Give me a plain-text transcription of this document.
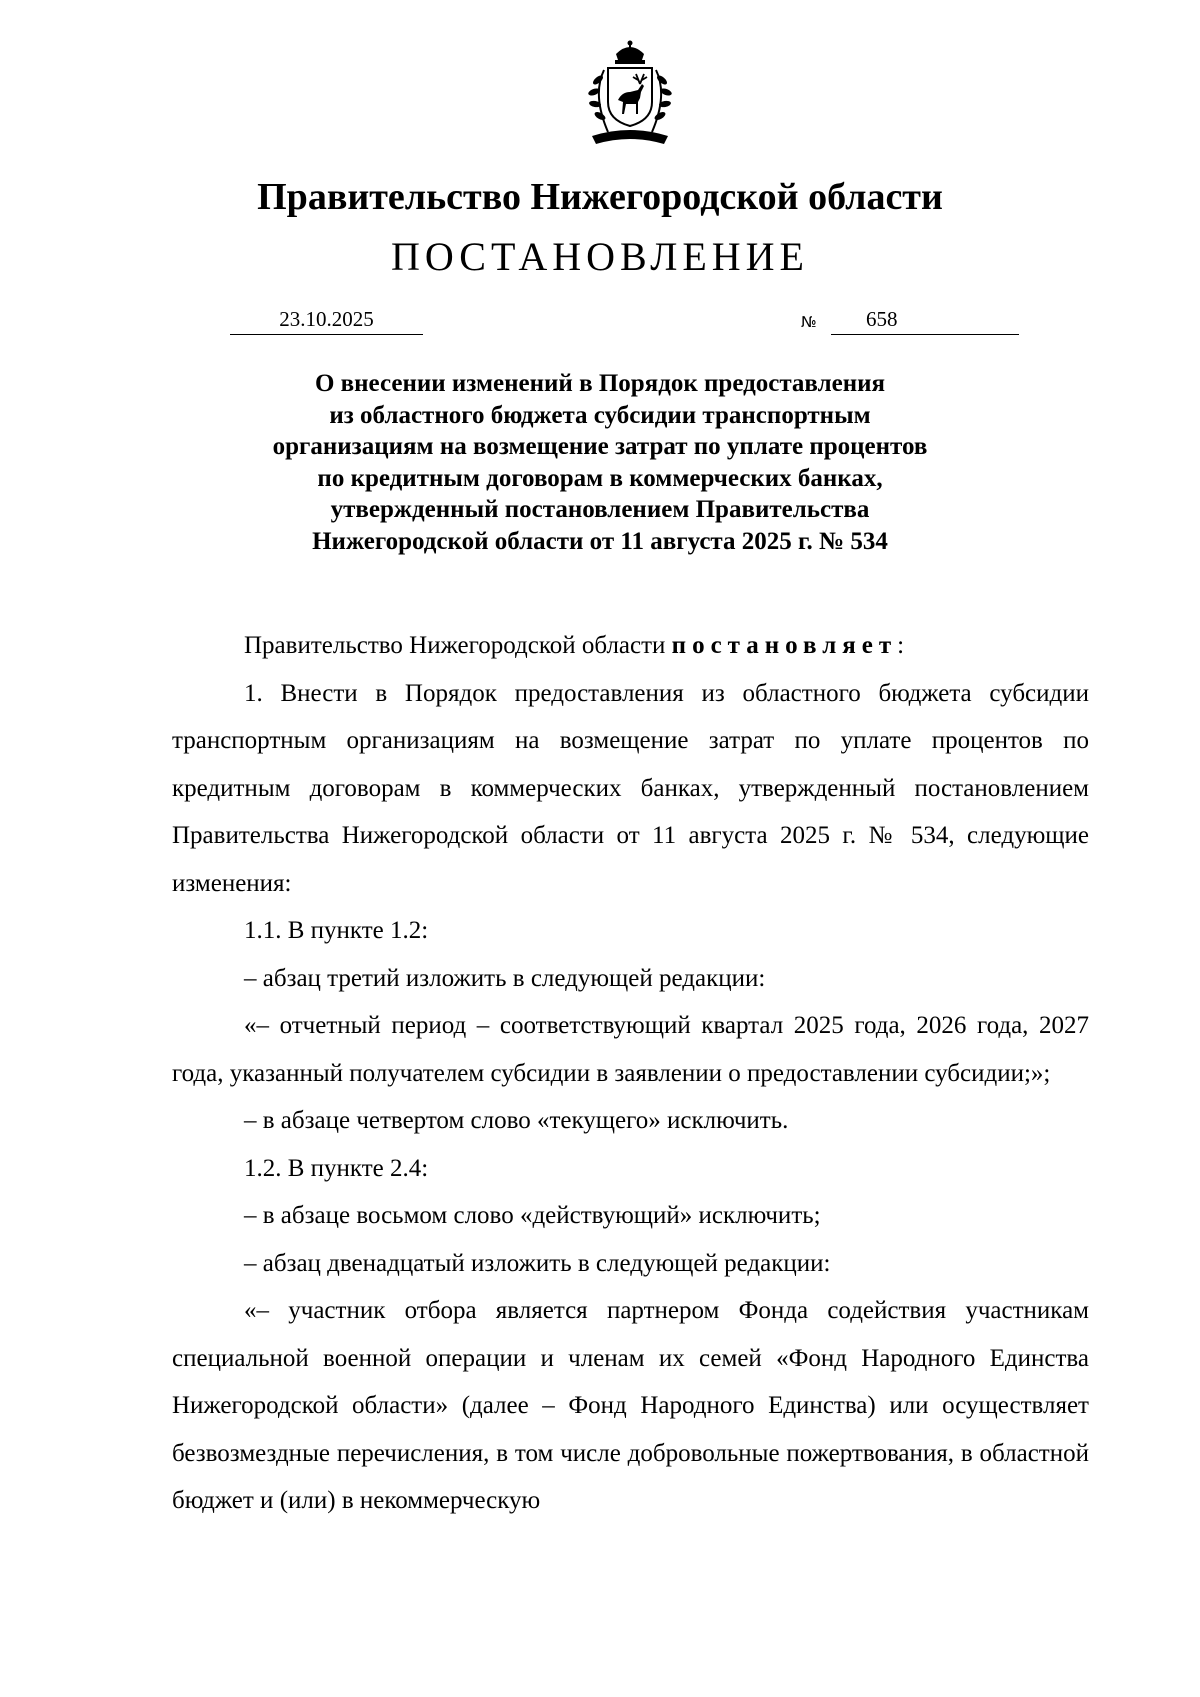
Правительство Нижегородской области
ПОСТАНОВЛЕНИЕ
23.10.2025	№	658
О внесении изменений в Порядок предоставления
из областного бюджета субсидии транспортным
организациям на возмещение затрат по уплате процентов
по кредитным договорам в коммерческих банках,
утвержденный постановлением Правительства
Нижегородской области от 11 августа 2025 г. № 534

Правительство Нижегородской области постановляет:

1. Внести в Порядок предоставления из областного бюджета субсидии транспортным организациям на возмещение затрат по уплате процентов по кредитным договорам в коммерческих банках, утвержденный постановлением Правительства Нижегородской области от 11 августа 2025 г. № 534, следующие изменения:

1.1. В пункте 1.2:

– абзац третий изложить в следующей редакции:

«– отчетный период – соответствующий квартал 2025 года, 2026 года, 2027 года, указанный получателем субсидии в заявлении о предоставлении субсидии;»;

– в абзаце четвертом слово «текущего» исключить.

1.2. В пункте 2.4:

– в абзаце восьмом слово «действующий» исключить;

– абзац двенадцатый изложить в следующей редакции:

«– участник отбора является партнером Фонда содействия участникам специальной военной операции и членам их семей «Фонд Народного Единства Нижегородской области» (далее – Фонд Народного Единства) или осуществляет безвозмездные перечисления, в том числе добровольные пожертвования, в областной бюджет и (или) в некоммерческую
